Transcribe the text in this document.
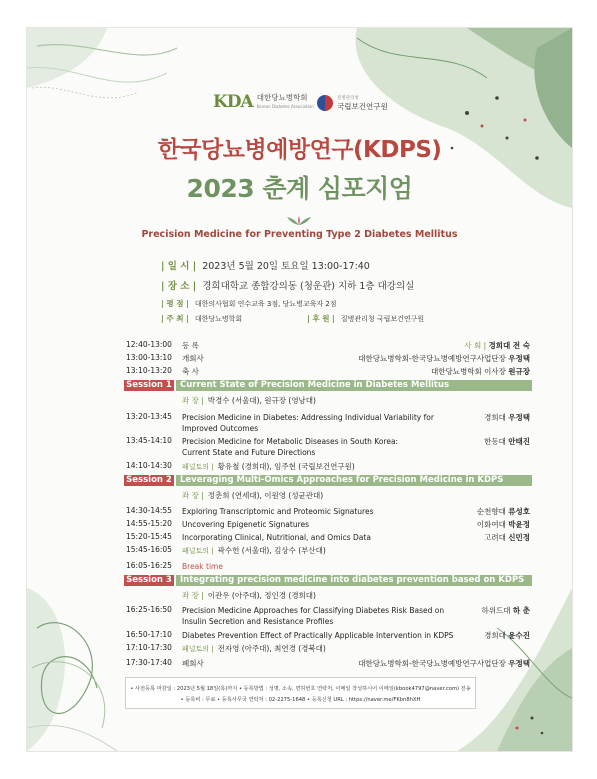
KDA 대한당뇨병학회
Korean Diabetes Association
질병관리청
국립보건연구원
한국당뇨병예방연구(KDPS)
2023 춘계 심포지엄
Precision Medicine for Preventing Type 2 Diabetes Mellitus
| 일 시 | 2023년 5월 20일 토요일 13:00-17:40
| 장 소 | 경희대학교 종합강의동 (청운관) 지하 1층 대강의실
| 평 점 | 대한의사협회 연수교육 3점, 당뇨병교육자 2점
| 주 최 | 대한당뇨병학회	| 후 원 | 질병관리청 국립보건연구원
12:40-13:00 등 록	사 회 | 경희대 전 숙
13:00-13:10 개회사	대한당뇨병학회-한국당뇨병예방연구사업단장 우정택
13:10-13:20 축 사	대한당뇨병학회 이사장 원규장
Session 1 Current State of Precision Medicine in Diabetes Mellitus
좌 장 | 박경수 (서울대), 원규장 (영남대)
13:20-13:45 Precision Medicine in Diabetes: Addressing Individual Variability for
Improved Outcomes
경희대 우정택
13:45-14:10 Precision Medicine for Metabolic Diseases in South Korea:
Current State and Future Directions
한동대 안태진
14:10-14:30 패널토의 | 황유철 (경희대), 임주현 (국립보건연구원)
Session 2 Leveraging Multi-Omics Approaches for Precision Medicine in KDPS
좌 장 | 정춘희 (연세대), 이원영 (성균관대)
14:30-14:55 Exploring Transcriptomic and Proteomic Signatures	순천향대 류성호
14:55-15:20 Uncovering Epigenetic Signatures	이화여대 박윤정
15:20-15:45 Incorporating Clinical, Nutritional, and Omics Data	고려대 신민정
15:45-16:05 패널토의 | 곽수헌 (서울대), 김상수 (부산대)
16:05-16:25 Break time
Session 3 Integrating precision medicine into diabetes prevention based on KDPS
좌 장 | 이관우 (아주대), 정인경 (경희대)
16:25-16:50 Precision Medicine Approaches for Classifying Diabetes Risk Based on
Insulin Secretion and Resistance Profiles
하위드대 하 춘
16:50-17:10 Diabetes Prevention Effect of Practically Applicable Intervention in KDPS	경희대 윤수진
17:10-17:30 패널토의 | 전자영 (아주대), 최연경 (경북대)
17:30-17:40 폐회사	대한당뇨병학회-한국당뇨병예방연구사업단장 우정택
• 사전등록 마감일 : 2023년 5월 18일(목)까지 • 등록방법 : 성명, 소속, 면허번호 연락처, 이메일 작성하시어 이메일(kbook4797@naver.com) 전송
• 등록비 : 무료 • 등록사무국 연락처 : 02-2275-1648 • 등록신청 URL : https://naver.me/FKbn8hXH
